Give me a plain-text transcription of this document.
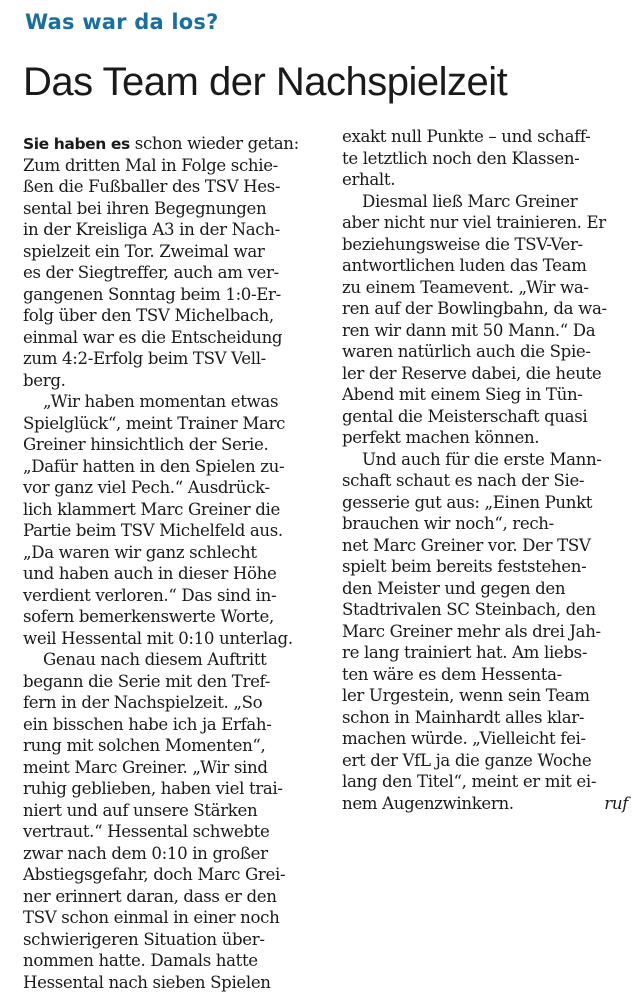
Was war da los?
Das Team der Nachspielzeit
Sie haben es schon wieder getan:
Zum dritten Mal in Folge schie-
ßen die Fußballer des TSV Hes-
sental bei ihren Begegnungen
in der Kreisliga A3 in der Nach-
spielzeit ein Tor. Zweimal war
es der Siegtreffer, auch am ver-
gangenen Sonntag beim 1:0-Er-
folg über den TSV Michelbach,
einmal war es die Entscheidung
zum 4:2-Erfolg beim TSV Vell-
berg.
„Wir haben momentan etwas
Spielglück“, meint Trainer Marc
Greiner hinsichtlich der Serie.
„Dafür hatten in den Spielen zu-
vor ganz viel Pech.“ Ausdrück-
lich klammert Marc Greiner die
Partie beim TSV Michelfeld aus.
„Da waren wir ganz schlecht
und haben auch in dieser Höhe
verdient verloren.“ Das sind in-
sofern bemerkenswerte Worte,
weil Hessental mit 0:10 unterlag.
Genau nach diesem Auftritt
begann die Serie mit den Tref-
fern in der Nachspielzeit. „So
ein bisschen habe ich ja Erfah-
rung mit solchen Momenten“,
meint Marc Greiner. „Wir sind
ruhig geblieben, haben viel trai-
niert und auf unsere Stärken
vertraut.“ Hessental schwebte
zwar nach dem 0:10 in großer
Abstiegsgefahr, doch Marc Grei-
ner erinnert daran, dass er den
TSV schon einmal in einer noch
schwierigeren Situation über-
nommen hatte. Damals hatte
Hessental nach sieben Spielen
exakt null Punkte – und schaff-
te letztlich noch den Klassen-
erhalt.
Diesmal ließ Marc Greiner
aber nicht nur viel trainieren. Er
beziehungsweise die TSV-Ver-
antwortlichen luden das Team
zu einem Teamevent. „Wir wa-
ren auf der Bowlingbahn, da wa-
ren wir dann mit 50 Mann.“ Da
waren natürlich auch die Spie-
ler der Reserve dabei, die heute
Abend mit einem Sieg in Tün-
gental die Meisterschaft quasi
perfekt machen können.
Und auch für die erste Mann-
schaft schaut es nach der Sie-
gesserie gut aus: „Einen Punkt
brauchen wir noch“, rech-
net Marc Greiner vor. Der TSV
spielt beim bereits feststehen-
den Meister und gegen den
Stadtrivalen SC Steinbach, den
Marc Greiner mehr als drei Jah-
re lang trainiert hat. Am liebs-
ten wäre es dem Hessenta-
ler Urgestein, wenn sein Team
schon in Mainhardt alles klar-
machen würde. „Vielleicht fei-
ert der VfL ja die ganze Woche
lang den Titel“, meint er mit ei-
nem Augenzwinkern.	ruf
